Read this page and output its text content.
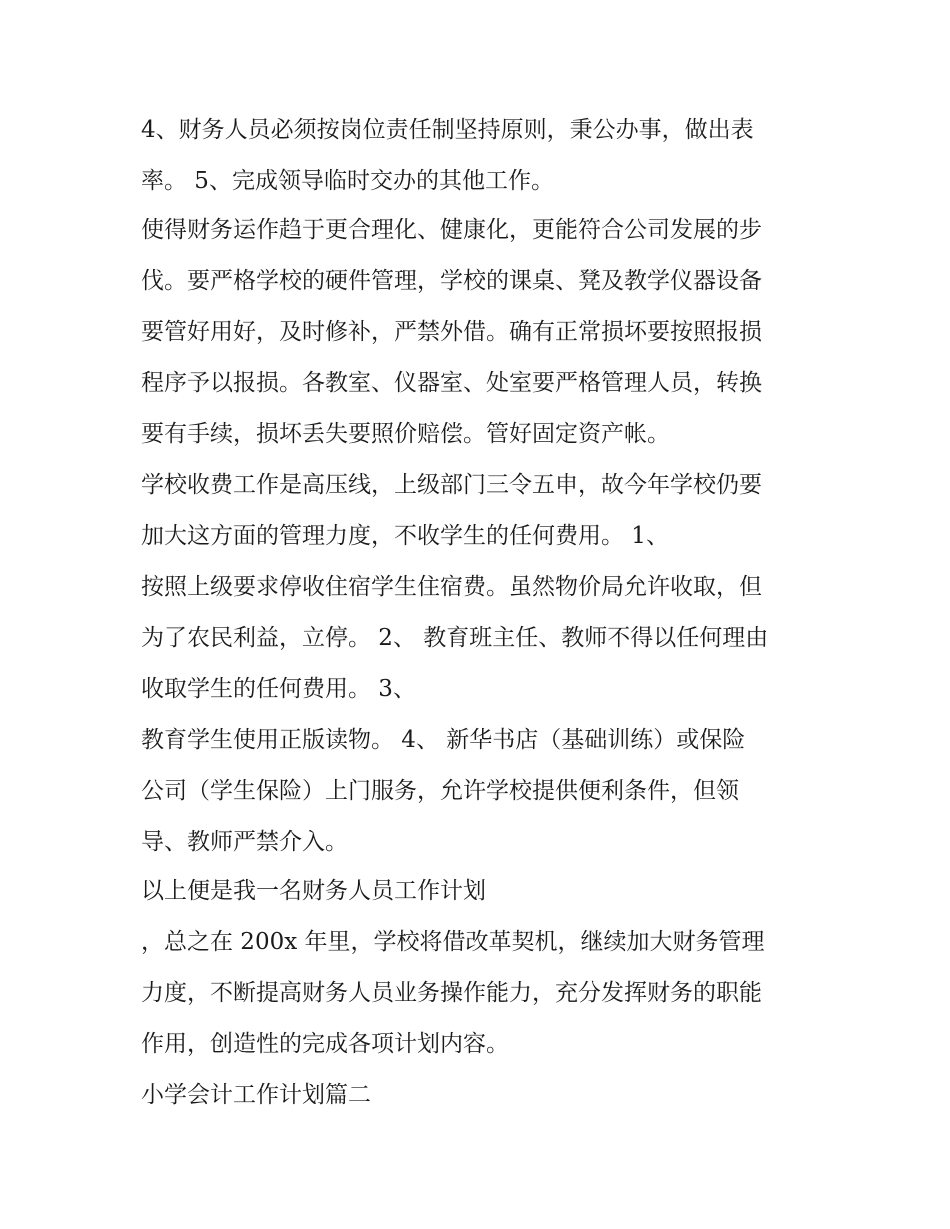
4、财务人员必须按岗位责任制坚持原则，秉公办事，做出表
率。 5、完成领导临时交办的其他工作。
使得财务运作趋于更合理化、健康化，更能符合公司发展的步
伐。要严格学校的硬件管理，学校的课桌、凳及教学仪器设备
要管好用好，及时修补，严禁外借。确有正常损坏要按照报损
程序予以报损。各教室、仪器室、处室要严格管理人员，转换
要有手续，损坏丢失要照价赔偿。管好固定资产帐。
学校收费工作是高压线，上级部门三令五申，故今年学校仍要
加大这方面的管理力度，不收学生的任何费用。 1、
按照上级要求停收住宿学生住宿费。虽然物价局允许收取，但
为了农民利益，立停。 2、 教育班主任、教师不得以任何理由
收取学生的任何费用。 3、
教育学生使用正版读物。 4、 新华书店（基础训练）或保险
公司（学生保险）上门服务，允许学校提供便利条件，但领
导、教师严禁介入。
以上便是我一名财务人员工作计划
，总之在 200x 年里，学校将借改革契机，继续加大财务管理
力度，不断提高财务人员业务操作能力，充分发挥财务的职能
作用，创造性的完成各项计划内容。
小学会计工作计划篇二
